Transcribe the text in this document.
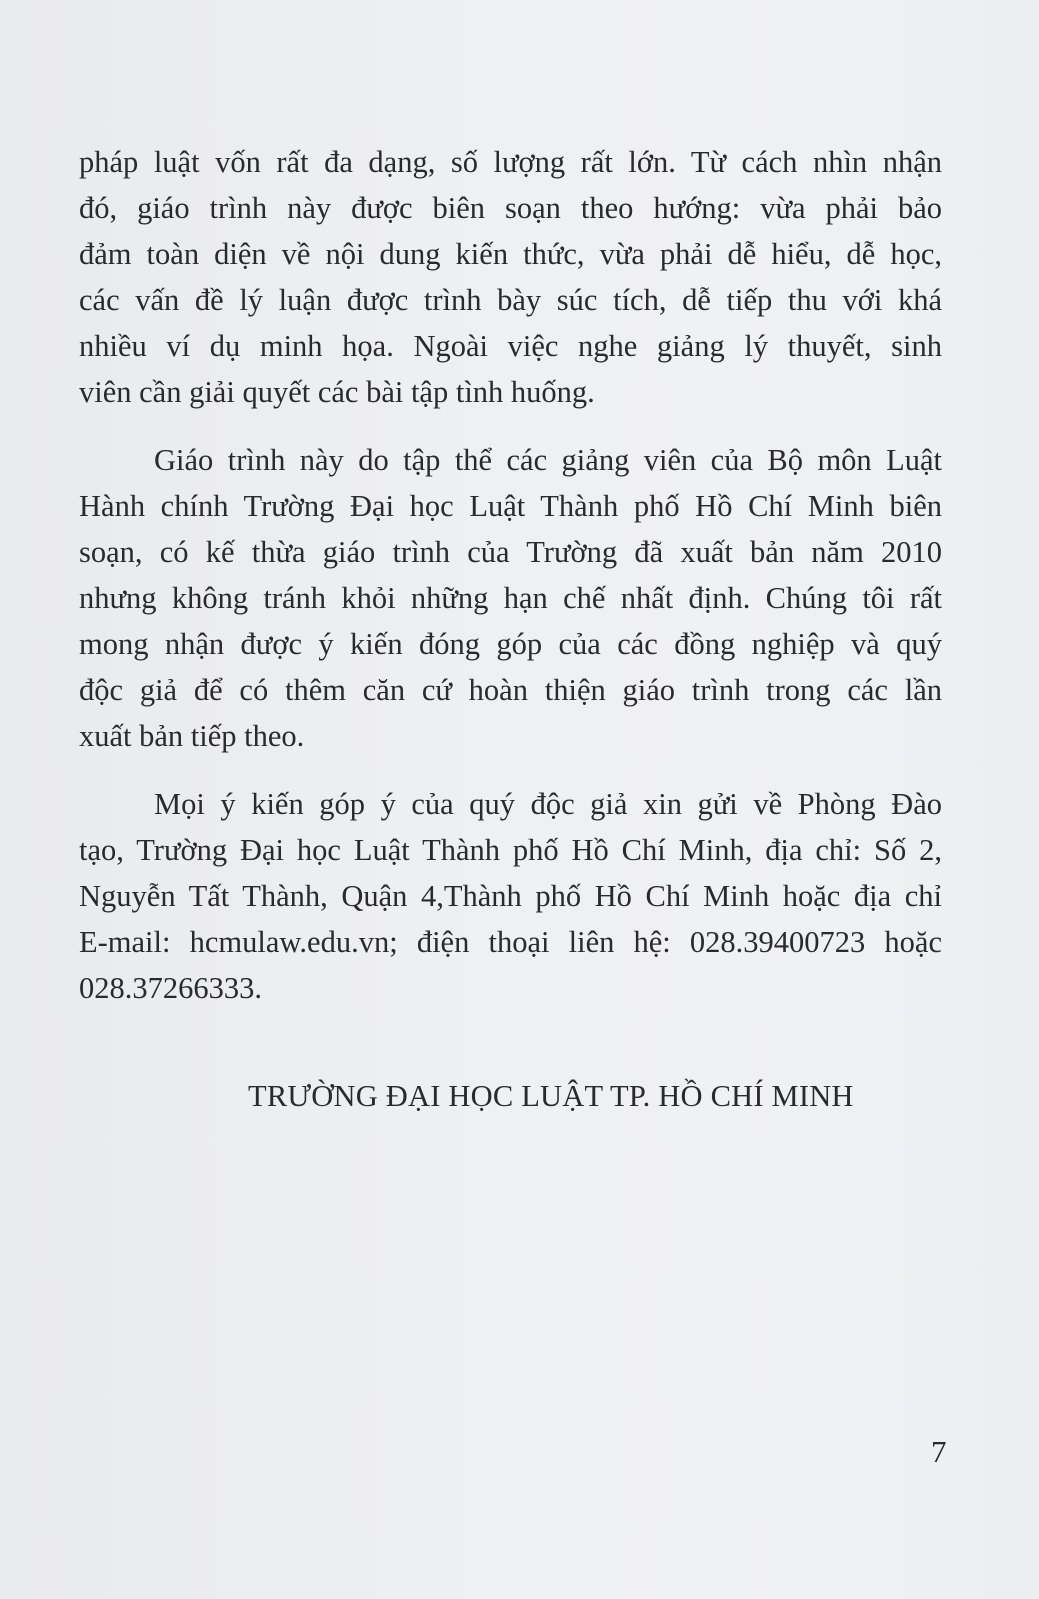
pháp luật vốn rất đa dạng, số lượng rất lớn. Từ cách nhìn nhận
đó, giáo trình này được biên soạn theo hướng: vừa phải bảo
đảm toàn diện về nội dung kiến thức, vừa phải dễ hiểu, dễ học,
các vấn đề lý luận được trình bày súc tích, dễ tiếp thu với khá
nhiều ví dụ minh họa. Ngoài việc nghe giảng lý thuyết, sinh
viên cần giải quyết các bài tập tình huống.
Giáo trình này do tập thể các giảng viên của Bộ môn Luật
Hành chính Trường Đại học Luật Thành phố Hồ Chí Minh biên
soạn, có kế thừa giáo trình của Trường đã xuất bản năm 2010
nhưng không tránh khỏi những hạn chế nhất định. Chúng tôi rất
mong nhận được ý kiến đóng góp của các đồng nghiệp và quý
độc giả để có thêm căn cứ hoàn thiện giáo trình trong các lần
xuất bản tiếp theo.
Mọi ý kiến góp ý của quý độc giả xin gửi về Phòng Đào
tạo, Trường Đại học Luật Thành phố Hồ Chí Minh, địa chỉ: Số 2,
Nguyễn Tất Thành, Quận 4,Thành phố Hồ Chí Minh hoặc địa chỉ
E-mail: hcmulaw.edu.vn; điện thoại liên hệ: 028.39400723 hoặc
028.37266333.
TRƯỜNG ĐẠI HỌC LUẬT TP. HỒ CHÍ MINH
7
